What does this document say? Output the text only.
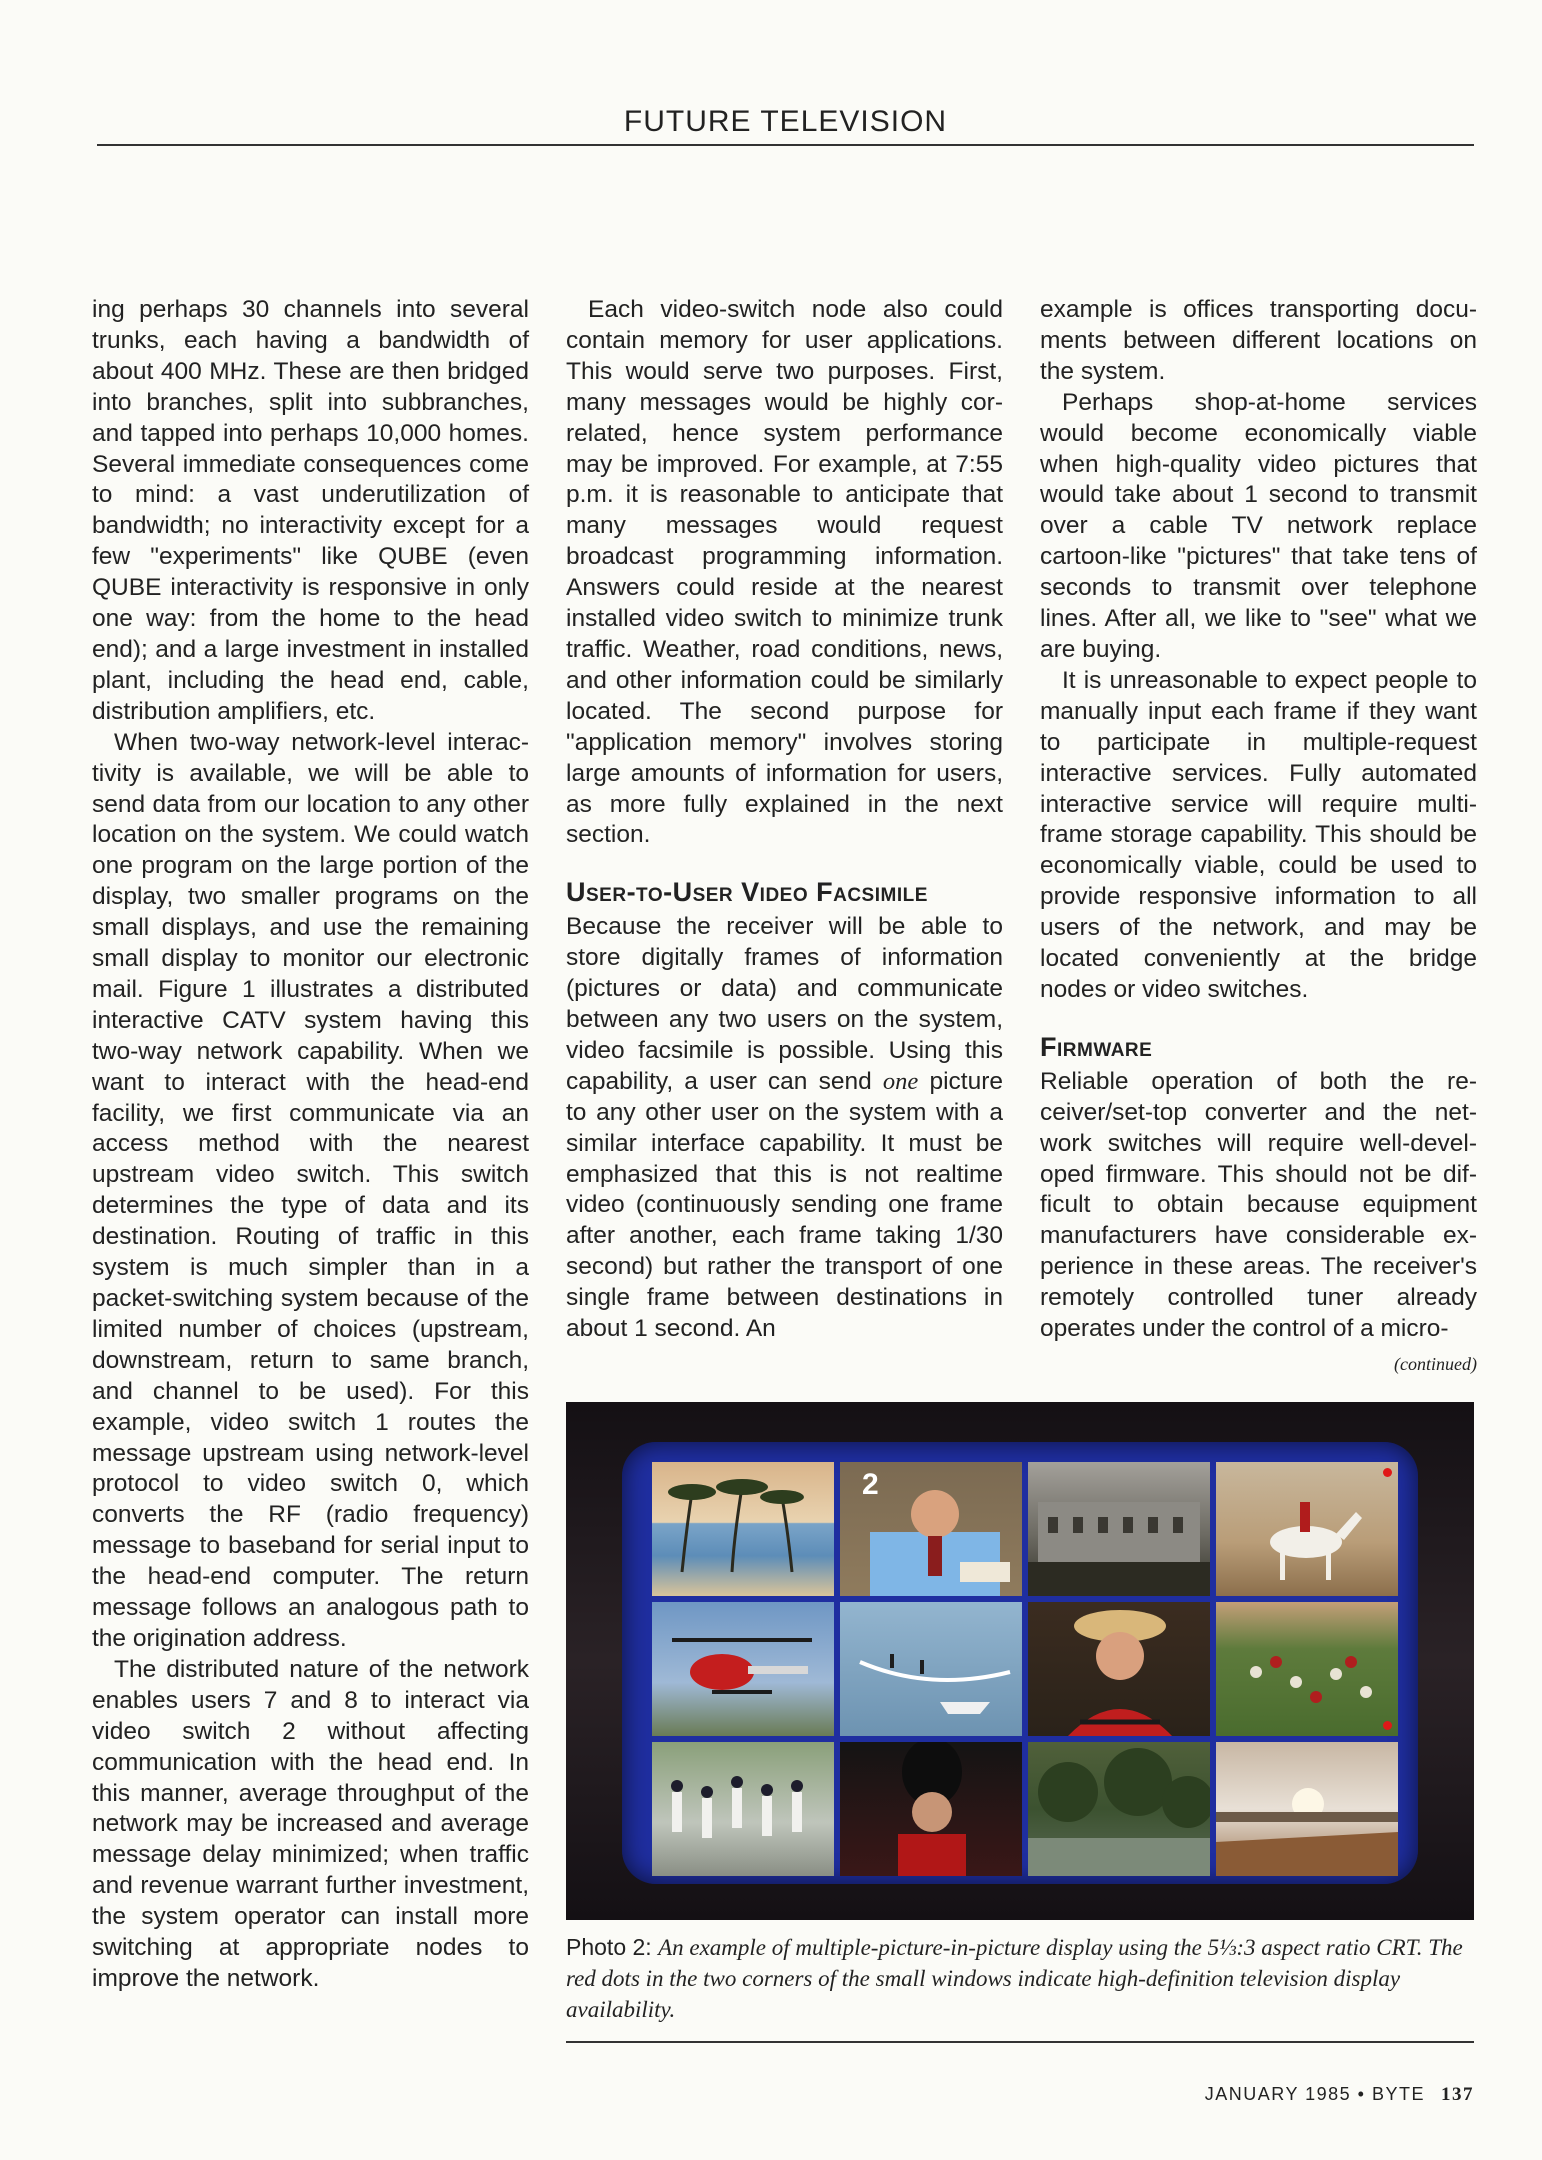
FUTURE TELEVISION

ing perhaps 30 channels into several trunks, each having a bandwidth of about 400 MHz. These are then bridged into branches, split into subbranches, and tapped into perhaps 10,000 homes. Several immediate consequences come to mind: a vast underutilization of bandwidth; no interactivity except for a few "experiments" like QUBE (even QUBE interactivity is responsive in only one way: from the home to the head end); and a large investment in installed plant, including the head end, cable, distribution amplifiers, etc.

When two-way network-level interactivity is available, we will be able to send data from our location to any other location on the system. We could watch one program on the large portion of the display, two smaller programs on the small displays, and use the remaining small display to monitor our electronic mail. Figure 1 illustrates a distributed interactive CATV system having this two-way network capability. When we want to interact with the head-end facility, we first communicate via an access method with the nearest upstream video switch. This switch determines the type of data and its destination. Routing of traffic in this system is much simpler than in a packet-switching system because of the limited number of choices (upstream, downstream, return to same branch, and channel to be used). For this example, video switch 1 routes the message upstream using network-level protocol to video switch 0, which converts the RF (radio frequency) message to baseband for serial input to the head-end computer. The return message follows an analogous path to the origination address.

The distributed nature of the network enables users 7 and 8 to interact via video switch 2 without affecting communication with the head end. In this manner, average throughput of the network may be increased and average message delay minimized; when traffic and revenue warrant further investment, the system operator can install more switching at appropriate nodes to improve the network.

Each video-switch node also could contain memory for user applications. This would serve two purposes. First, many messages would be highly correlated, hence system performance may be improved. For example, at 7:55 p.m. it is reasonable to anticipate that many messages would request broadcast programming information. Answers could reside at the nearest installed video switch to minimize trunk traffic. Weather, road conditions, news, and other information could be similarly located. The second purpose for "application memory" involves storing large amounts of information for users, as more fully explained in the next section.

User-to-User Video Facsimile

Because the receiver will be able to store digitally frames of information (pictures or data) and communicate between any two users on the system, video facsimile is possible. Using this capability, a user can send one picture to any other user on the system with a similar interface capability. It must be emphasized that this is not realtime video (continuously sending one frame after another, each frame taking 1/30 second) but rather the transport of one single frame between destinations in about 1 second. An

example is offices transporting documents between different locations on the system.

Perhaps shop-at-home services would become economically viable when high-quality video pictures that would take about 1 second to transmit over a cable TV network replace cartoon-like "pictures" that take tens of seconds to transmit over telephone lines. After all, we like to "see" what we are buying.

It is unreasonable to expect people to manually input each frame if they want to participate in multiple-request interactive services. Fully automated interactive service will require multiframe storage capability. This should be economically viable, could be used to provide responsive information to all users of the network, and may be located conveniently at the bridge nodes or video switches.

Firmware

Reliable operation of both the receiver/set-top converter and the network switches will require well-developed firmware. This should not be difficult to obtain because equipment manufacturers have considerable experience in these areas. The receiver's remotely controlled tuner already operates under the control of a micro-

(continued)
2
Photo 2: An example of multiple-picture-in-picture display using the 5⅓:3 aspect ratio CRT. The red dots in the two corners of the small windows indicate high-definition television display availability.
JANUARY 1985 • BYTE 137
